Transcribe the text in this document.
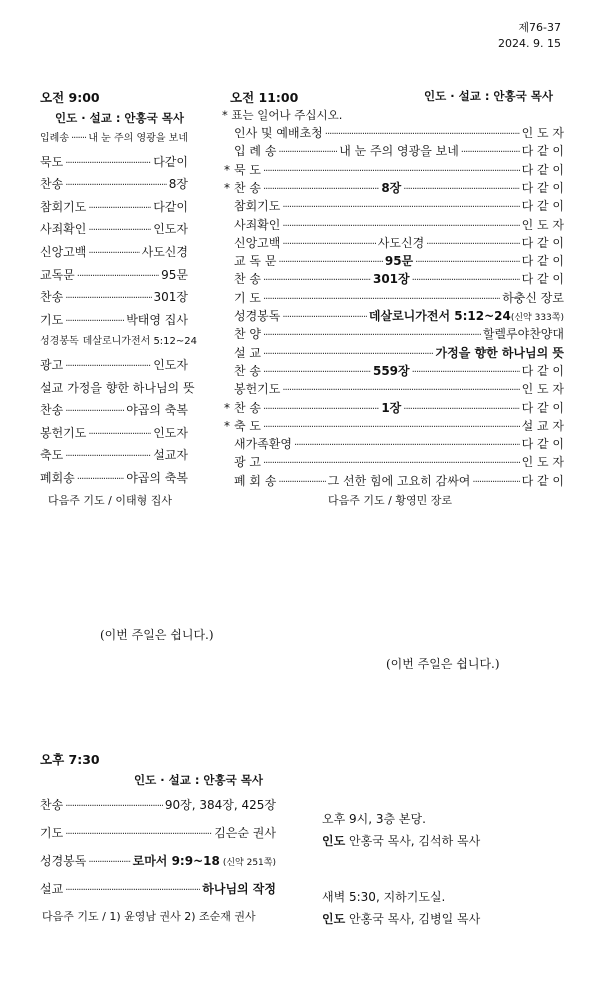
제76-37
2024. 9. 15
오전 9:00
인도 · 설교 : 안홍국 목사
입례송 ····· 내 눈 주의 영광을 보네
묵도 ·····	다같이
찬송 ·····	8장
참회기도 ·····	다같이
사죄확인 ·····	인도자
신앙고백 ·····	사도신경
교독문 ·····	95문
찬송 ·····	301장
기도 ·····	박태영 집사
성경봉독 데살로니가전서 5:12~24
광고 ·····	인도자
설교 가정을 향한 하나님의 뜻
찬송 ·····	야곱의 축복
봉헌기도 ·····	인도자
축도 ·····	설교자
폐회송 ·····	야곱의 축복
다음주 기도 / 이태형 집사
오전 11:00	인도 · 설교 : 안홍국 목사
* 표는 일어나 주십시오.
인사 및 예배초청 ·····	인 도 자
입 례 송 ·····	내 눈 주의 영광을 보네 ·····	다 같 이
* 묵 도 ·····	다 같 이
* 찬 송 ·····	8장 ·····	다 같 이
참회기도 ·····	다 같 이
사죄확인 ·····	인 도 자
신앙고백 ·····	사도신경 ·····	다 같 이
교 독 문 ·····	95문 ·····	다 같 이
찬 송 ·····	301장 ·····	다 같 이
기 도 ·····	하충신 장로
성경봉독 ·····	데살로니가전서 5:12~24 (신약 333쪽)
찬 양 ·····	할렐루야찬양대
설 교 ·····	가정을 향한 하나님의 뜻
찬 송 ·····	559장 ·····	다 같 이
봉헌기도 ·····	인 도 자
* 찬 송 ·····	1장 ·····	다 같 이
* 축 도 ·····	설 교 자
새가족환영 ·····	다 같 이
광 고 ·····	인 도 자
폐 회 송 ·····	그 선한 힘에 고요히 감싸여 ·····	다 같 이
다음주 기도 / 황영민 장로
(이번 주일은 쉽니다.)
(이번 주일은 쉽니다.)
오후 7:30
인도 · 설교 : 안홍국 목사
찬송 ·····	90장, 384장, 425장
기도 ·····	김은순 권사
성경봉독 ·····	로마서 9:9~18 (신약 251쪽)
설교 ·····	하나님의 작정
다음주 기도 / 1) 윤영남 권사 2) 조순재 권사
오후 9시, 3층 본당.
인도 안홍국 목사, 김석하 목사
새벽 5:30, 지하기도실.
인도 안홍국 목사, 김병일 목사
